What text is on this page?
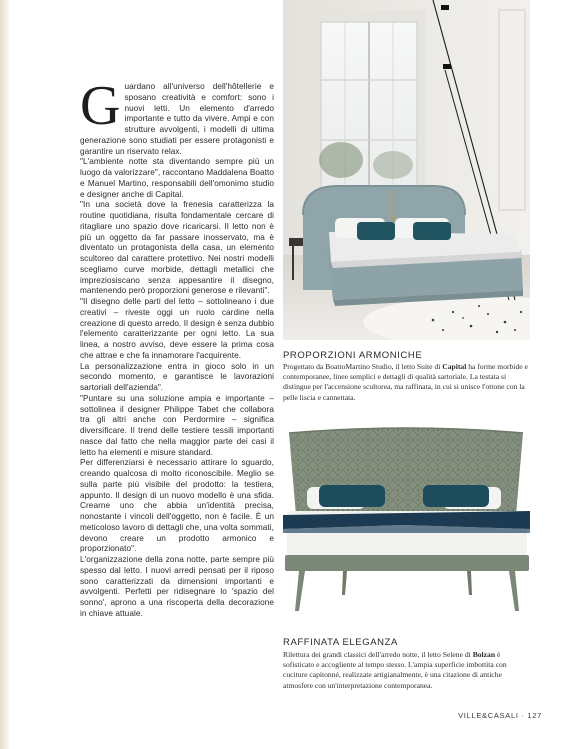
G uardano all'universo dell'hôtellerie e sposano creatività e comfort: sono i nuovi letti. Un elemento d'arredo importante e tutto da vivere. Ampi e con strutture avvolgenti, i modelli di ultima generazione sono studiati per essere protagonisti e garantire un riservato relax.

"L'ambiente notte sta diventando sempre più un luogo da valorizzare", raccontano Maddalena Boatto e Manuel Martino, responsabili dell'omonimo studio e designer anche di Capital.

"In una società dove la frenesia caratterizza la routine quotidiana, risulta fondamentale cercare di ritagliare uno spazio dove ricaricarsi. Il letto non è più un oggetto da far passare inosservato, ma è diventato un protagonista della casa, un elemento scultoreo dal carattere protettivo. Nei nostri modelli scegliamo curve morbide, dettagli metallici che impreziosiscano senza appesantire il disegno, mantenendo però proporzioni generose e rilevanti".

"Il disegno delle parti del letto – sottolineano i due creativi – riveste oggi un ruolo cardine nella creazione di questo arredo. Il design è senza dubbio l'elemento caratterizzante per ogni letto. La sua linea, a nostro avviso, deve essere la prima cosa che attrae e che fa innamorare l'acquirente.

La personalizzazione entra in gioco solo in un secondo momento, e garantisce le lavorazioni sartoriali dell'azienda".

"Puntare su una soluzione ampia e importante – sottolinea il designer Philippe Tabet che collabora tra gli altri anche con Perdormire – significa diversificare. Il trend delle testiere tessili importanti nasce dal fatto che nella maggior parte dei casi il letto ha elementi e misure standard.

Per differenziarsi è necessario attirare lo sguardo, creando qualcosa di molto riconoscibile. Meglio se sulla parte più visibile del prodotto: la testiera, appunto. Il design di un nuovo modello è una sfida. Crearne uno che abbia un'identità precisa, nonostante i vincoli dell'oggetto, non è facile. È un meticoloso lavoro di dettagli che, una volta sommati, devono creare un prodotto armonico e proporzionato".

L'organizzazione della zona notte, parte sempre più spesso dal letto. I nuovi arredi pensati per il riposo sono caratterizzati da dimensioni importanti e avvolgenti. Perfetti per ridisegnare lo 'spazio del sonno', aprono a una riscoperta della decorazione in chiave attuale.

PROPORZIONI ARMONICHE

Progettato da BoattoMartino Studio, il letto Suite di Capital ha forme morbide e contemporanee, linee semplici e dettagli di qualità sartoriale. La testata si distingue per l'accensione scultorea, ma raffinata, in cui si unisce l'ottone con la pelle liscia e cannettata.

RAFFINATA ELEGANZA

Rilettura dei grandi classici dell'arredo notte, il letto Selene di Bolzan è sofisticato e accogliente al tempo stesso. L'ampia superficie imbottita con cuciture capitonné, realizzate artigianalmente, è una citazione di antiche atmosfere con un'interpretazione contemporanea.

VILLE&CASALI · 127
